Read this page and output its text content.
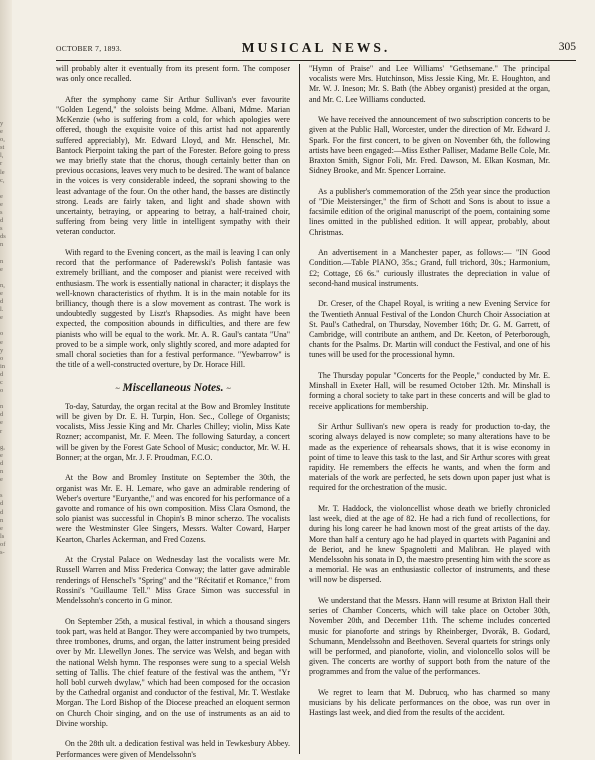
y
e
o,
st
l,
r
le
c,

e
e
s
d
s
ds
n

n
e

n,
e
d
l.
e

o
e
y
o
in
d
c
o

n
d
e
r

g,
e
d
n
e

s
d
d
n
e
ls
of
s-
OCTOBER 7, 1893.	MUSICAL NEWS.	305

will probably alter it eventually from its present form. The composer was only once recalled.

After the symphony came Sir Arthur Sullivan's ever favourite "Golden Legend," the soloists being Mdme. Albani, Mdme. Marian McKenzie (who is suffering from a cold, for which apologies were offered, though the exquisite voice of this artist had not apparently suffered appreciably), Mr. Edward Lloyd, and Mr. Henschel, Mr. Bantock Pierpoint taking the part of the Forester. Before going to press we may briefly state that the chorus, though certainly better than on previous occasions, leaves very much to be desired. The want of balance in the voices is very considerable indeed, the soprani showing to the least advantage of the four. On the other hand, the basses are distinctly strong. Leads are fairly taken, and light and shade shown with uncertainty, betraying, or appearing to betray, a half-trained choir, suffering from being very little in intelligent sympathy with their veteran conductor.

With regard to the Evening concert, as the mail is leaving I can only record that the performance of Paderewski's Polish fantasie was extremely brilliant, and the composer and pianist were received with enthusiasm. The work is essentially national in character; it displays the well-known characteristics of rhythm. It is in the main notable for its brilliancy, though there is a slow movement as contrast. The work is undoubtedly suggested by Liszt's Rhapsodies. As might have been expected, the composition abounds in difficulties, and there are few pianists who will be equal to the work. Mr. A. R. Gaul's cantata "Una" proved to be a simple work, only slightly scored, and more adapted for small choral societies than for a festival performance. "Yewbarrow" is the title of a well-constructed overture, by Dr. Horace Hill.

~ Miscellaneous Notes. ~

To-day, Saturday, the organ recital at the Bow and Bromley Institute will be given by Dr. E. H. Turpin, Hon. Sec., College of Organists; vocalists, Miss Jessie King and Mr. Charles Chilley; violin, Miss Kate Rozner; accompanist, Mr. F. Meen. The following Saturday, a concert will be given by the Forest Gate School of Music; conductor, Mr. W. H. Bonner; at the organ, Mr. J. F. Proudman, F.C.O.

At the Bow and Bromley Institute on September the 30th, the organist was Mr. E. H. Lemare, who gave an admirable rendering of Weber's overture "Euryanthe," and was encored for his performance of a gavotte and romance of his own composition. Miss Clara Osmond, the solo pianist was successful in Chopin's B minor scherzo. The vocalists were the Westminster Glee Singers, Messrs. Walter Coward, Harper Kearton, Charles Ackerman, and Fred Cozens.

At the Crystal Palace on Wednesday last the vocalists were Mr. Russell Warren and Miss Frederica Conway; the latter gave admirable renderings of Henschel's "Spring" and the "Récitatif et Romance," from Rossini's "Guillaume Tell." Miss Grace Simon was successful in Mendelssohn's concerto in G minor.

On September 25th, a musical festival, in which a thousand singers took part, was held at Bangor. They were accompanied by two trumpets, three trombones, drums, and organ, the latter instrument being presided over by Mr. Llewellyn Jones. The service was Welsh, and began with the national Welsh hymn. The responses were sung to a special Welsh setting of Tallis. The chief feature of the festival was the anthem, "Yr holl bobl curweh dwylaw," which had been composed for the occasion by the Cathedral organist and conductor of the festival, Mr. T. Westlake Morgan. The Lord Bishop of the Diocese preached an eloquent sermon on Church Choir singing, and on the use of instruments as an aid to Divine worship.

On the 28th ult. a dedication festival was held in Tewkesbury Abbey. Performances were given of Mendelssohn's

"Hymn of Praise" and Lee Williams' "Gethsemane." The principal vocalists were Mrs. Hutchinson, Miss Jessie King, Mr. E. Houghton, and Mr. W. J. Ineson; Mr. S. Bath (the Abbey organist) presided at the organ, and Mr. C. Lee Williams conducted.

We have received the announcement of two subscription concerts to be given at the Public Hall, Worcester, under the direction of Mr. Edward J. Spark. For the first concert, to be given on November 6th, the following artists have been engaged:—Miss Esther Palliser, Madame Belle Cole, Mr. Braxton Smith, Signor Foli, Mr. Fred. Dawson, M. Elkan Kosman, Mr. Sidney Brooke, and Mr. Spencer Lorraine.

As a publisher's commemoration of the 25th year since the production of "Die Meistersinger," the firm of Schott and Sons is about to issue a facsimile edition of the original manuscript of the poem, containing some lines omitted in the published edition. It will appear, probably, about Christmas.

An advertisement in a Manchester paper, as follows:— "IN Good Condition.—Table PIANO, 35s.; Grand, full trichord, 30s.; Harmonium, £2; Cottage, £6 6s." curiously illustrates the depreciation in value of second-hand musical instruments.

Dr. Creser, of the Chapel Royal, is writing a new Evening Service for the Twentieth Annual Festival of the London Church Choir Association at St. Paul's Cathedral, on Thursday, November 16th; Dr. G. M. Garrett, of Cambridge, will contribute an anthem, and Dr. Keeton, of Peterborough, chants for the Psalms. Dr. Martin will conduct the Festival, and one of his tunes will be used for the processional hymn.

The Thursday popular "Concerts for the People," conducted by Mr. E. Minshall in Exeter Hall, will be resumed October 12th. Mr. Minshall is forming a choral society to take part in these concerts and will be glad to receive applications for membership.

Sir Arthur Sullivan's new opera is ready for production to-day, the scoring always delayed is now complete; so many alterations have to be made as the experience of rehearsals shows, that it is wise economy in point of time to leave this task to the last, and Sir Arthur scores with great rapidity. He remembers the effects he wants, and when the form and materials of the work are perfected, he sets down upon paper just what is required for the orchestration of the music.

Mr. T. Haddock, the violoncellist whose death we briefly chronicled last week, died at the age of 82. He had a rich fund of recollections, for during his long career he had known most of the great artists of the day. More than half a century ago he had played in quartets with Paganini and de Beriot, and he knew Spagnoletti and Malibran. He played with Mendelssohn his sonata in D, the maestro presenting him with the score as a memorial. He was an enthusiastic collector of instruments, and these will now be dispersed.

We understand that the Messrs. Hann will resume at Brixton Hall their series of Chamber Concerts, which will take place on October 30th, November 20th, and December 11th. The scheme includes concerted music for pianoforte and strings by Rheinberger, Dvorák, B. Godard, Schumann, Mendelssohn and Beethoven. Several quartets for strings only will be performed, and pianoforte, violin, and violoncello solos will be given. The concerts are worthy of support both from the nature of the programmes and from the value of the performances.

We regret to learn that M. Dubrucq, who has charmed so many musicians by his delicate performances on the oboe, was run over in Hastings last week, and died from the results of the accident.
